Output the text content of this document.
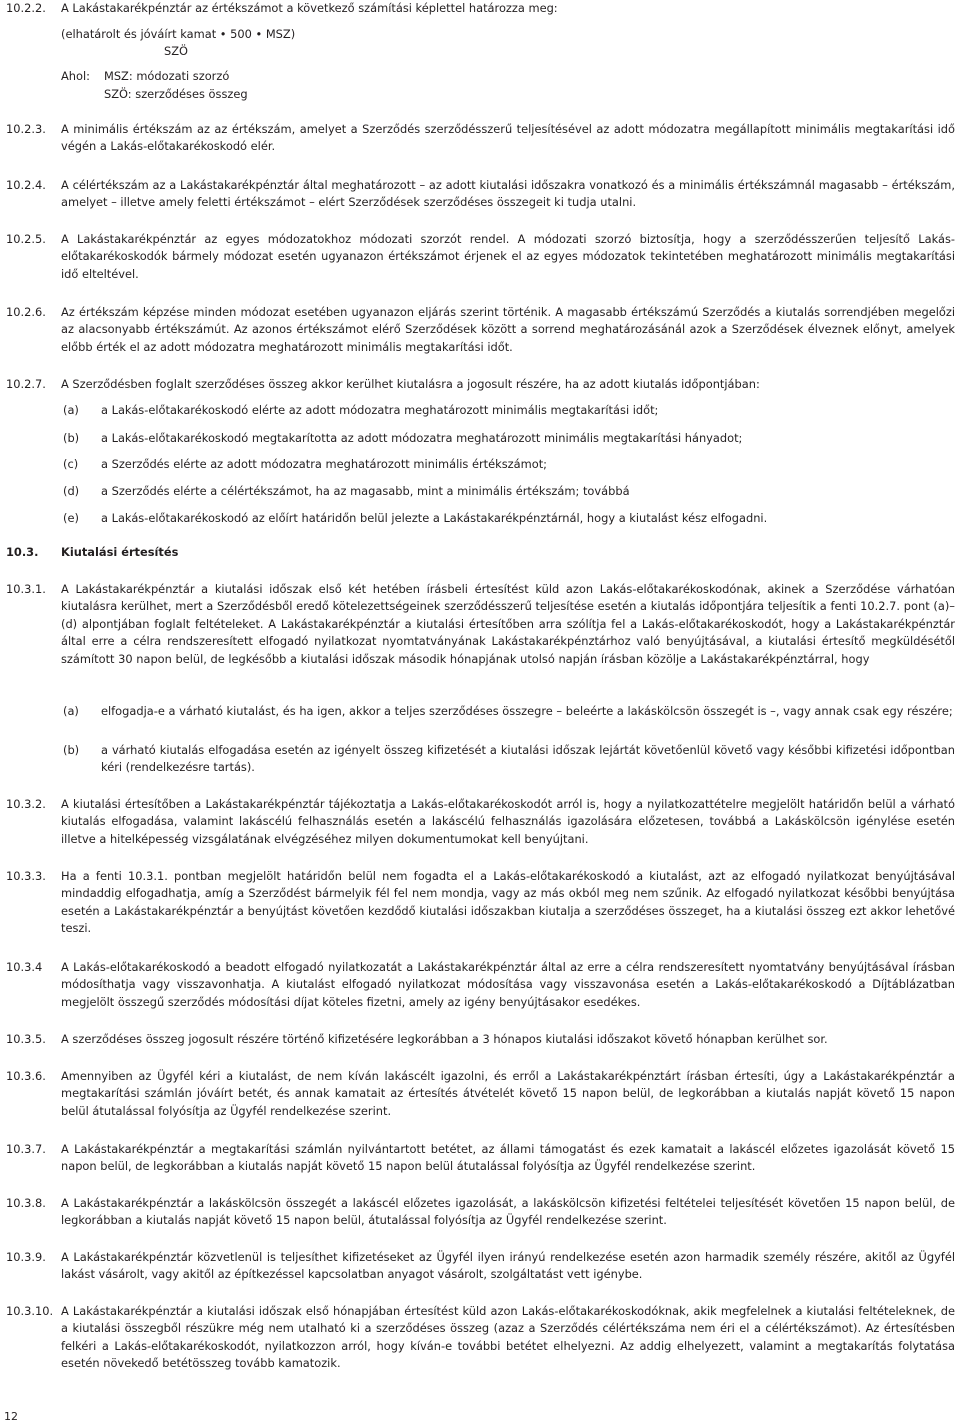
10.2.2. A Lakástakarékpénztár az értékszámot a következő számítási képlettel határozza meg:
(elhatárolt és jóváírt kamat • 500 • MSZ)
SZÖ
Ahol: MSZ: módozati szorzó
SZÖ: szerződéses összeg
10.2.3. A minimális értékszám az az értékszám, amelyet a Szerződés szerződésszerű teljesítésével az adott módozatra megállapított minimális megtakarítási idő végén a Lakás-előtakarékoskodó elér.
10.2.4. A célértékszám az a Lakástakarékpénztár által meghatározott – az adott kiutalási időszakra vonatkozó és a minimális értékszámnál magasabb – értékszám, amelyet – illetve amely feletti értékszámot – elért Szerződések szerződéses összegeit ki tudja utalni.
10.2.5. A Lakástakarékpénztár az egyes módozatokhoz módozati szorzót rendel. A módozati szorzó biztosítja, hogy a szerződésszerűen teljesítő Lakás-előtakarékoskodók bármely módozat esetén ugyanazon értékszámot érjenek el az egyes módozatok tekintetében meghatározott minimális megtakarítási idő elteltével.
10.2.6. Az értékszám képzése minden módozat esetében ugyanazon eljárás szerint történik. A magasabb értékszámú Szerződés a kiutalás sorrendjében megelőzi az alacsonyabb értékszámút. Az azonos értékszámot elérő Szerződések között a sorrend meghatározásánál azok a Szerződések élveznek előnyt, amelyek előbb érték el az adott módozatra meghatározott minimális megtakarítási időt.
10.2.7. A Szerződésben foglalt szerződéses összeg akkor kerülhet kiutalásra a jogosult részére, ha az adott kiutalás időpontjában:
(a) a Lakás-előtakarékoskodó elérte az adott módozatra meghatározott minimális megtakarítási időt;
(b) a Lakás-előtakarékoskodó megtakarította az adott módozatra meghatározott minimális megtakarítási hányadot;
(c) a Szerződés elérte az adott módozatra meghatározott minimális értékszámot;
(d) a Szerződés elérte a célértékszámot, ha az magasabb, mint a minimális értékszám; továbbá
(e) a Lakás-előtakarékoskodó az előírt határidőn belül jelezte a Lakástakarékpénztárnál, hogy a kiutalást kész elfogadni.
10.3. Kiutalási értesítés
10.3.1. A Lakástakarékpénztár a kiutalási időszak első két hetében írásbeli értesítést küld azon Lakás-előtakarékoskodónak, akinek a Szerződése várhatóan kiutalásra kerülhet, mert a Szerződésből eredő kötelezettségeinek szerződésszerű teljesítése esetén a kiutalás időpontjára teljesítik a fenti 10.2.7. pont (a)–(d) alpontjában foglalt feltételeket. A Lakástakarékpénztár a kiutalási értesítőben arra szólítja fel a Lakás-előtakarékoskodót, hogy a Lakástakarékpénztár által erre a célra rendszeresített elfogadó nyilatkozat nyomtatványának Lakástakarékpénztárhoz való benyújtásával, a kiutalási értesítő megküldésétől számított 30 napon belül, de legkésőbb a kiutalási időszak második hónapjának utolsó napján írásban közölje a Lakástakarékpénztárral, hogy
(a) elfogadja-e a várható kiutalást, és ha igen, akkor a teljes szerződéses összegre – beleérte a lakáskölcsön összegét is –, vagy annak csak egy részére;
(b) a várható kiutalás elfogadása esetén az igényelt összeg kifizetését a kiutalási időszak lejártát követőenlül követő vagy későbbi kifizetési időpontban kéri (rendelkezésre tartás).
10.3.2. A kiutalási értesítőben a Lakástakarékpénztár tájékoztatja a Lakás-előtakarékoskodót arról is, hogy a nyilatkozattételre megjelölt határidőn belül a várható kiutalás elfogadása, valamint lakáscélú felhasználás esetén a lakáscélú felhasználás igazolására előzetesen, továbbá a Lakáskölcsön igénylése esetén illetve a hitelképesség vizsgálatának elvégzéséhez milyen dokumentumokat kell benyújtani.
10.3.3. Ha a fenti 10.3.1. pontban megjelölt határidőn belül nem fogadta el a Lakás-előtakarékoskodó a kiutalást, azt az elfogadó nyilatkozat benyújtásával mindaddig elfogadhatja, amíg a Szerződést bármelyik fél fel nem mondja, vagy az más okból meg nem szűnik. Az elfogadó nyilatkozat későbbi benyújtása esetén a Lakástakarékpénztár a benyújtást követően kezdődő kiutalási időszakban kiutalja a szerződéses összeget, ha a kiutalási összeg ezt akkor lehetővé teszi.
10.3.4 A Lakás-előtakarékoskodó a beadott elfogadó nyilatkozatát a Lakástakarékpénztár által az erre a célra rendszeresített nyomtatvány benyújtásával írásban módosíthatja vagy visszavonhatja. A kiutalást elfogadó nyilatkozat módosítása vagy visszavonása esetén a Lakás-előtakarékoskodó a Díjtáblázatban megjelölt összegű szerződés módosítási díjat köteles fizetni, amely az igény benyújtásakor esedékes.
10.3.5. A szerződéses összeg jogosult részére történő kifizetésére legkorábban a 3 hónapos kiutalási időszakot követő hónapban kerülhet sor.
10.3.6. Amennyiben az Ügyfél kéri a kiutalást, de nem kíván lakáscélt igazolni, és erről a Lakástakarékpénztárt írásban értesíti, úgy a Lakástakarékpénztár a megtakarítási számlán jóváírt betét, és annak kamatait az értesítés átvételét követő 15 napon belül, de legkorábban a kiutalás napját követő 15 napon belül átutalással folyósítja az Ügyfél rendelkezése szerint.
10.3.7. A Lakástakarékpénztár a megtakarítási számlán nyilvántartott betétet, az állami támogatást és ezek kamatait a lakáscél előzetes igazolását követő 15 napon belül, de legkorábban a kiutalás napját követő 15 napon belül átutalással folyósítja az Ügyfél rendelkezése szerint.
10.3.8. A Lakástakarékpénztár a lakáskölcsön összegét a lakáscél előzetes igazolását, a lakáskölcsön kifizetési feltételei teljesítését követően 15 napon belül, de legkorábban a kiutalás napját követő 15 napon belül, átutalással folyósítja az Ügyfél rendelkezése szerint.
10.3.9. A Lakástakarékpénztár közvetlenül is teljesíthet kifizetéseket az Ügyfél ilyen irányú rendelkezése esetén azon harmadik személy részére, akitől az Ügyfél lakást vásárolt, vagy akitől az építkezéssel kapcsolatban anyagot vásárolt, szolgáltatást vett igénybe.
10.3.10. A Lakástakarékpénztár a kiutalási időszak első hónapjában értesítést küld azon Lakás-előtakarékoskodóknak, akik megfelelnek a kiutalási feltételeknek, de a kiutalási összegből részükre még nem utalható ki a szerződéses összeg (azaz a Szerződés célértékszáma nem éri el a célértékszámot). Az értesítésben felkéri a Lakás-előtakarékoskodót, nyilatkozzon arról, hogy kíván-e további betétet elhelyezni. Az addig elhelyezett, valamint a megtakarítás folytatása esetén növekedő betétösszeg tovább kamatozik.
12
